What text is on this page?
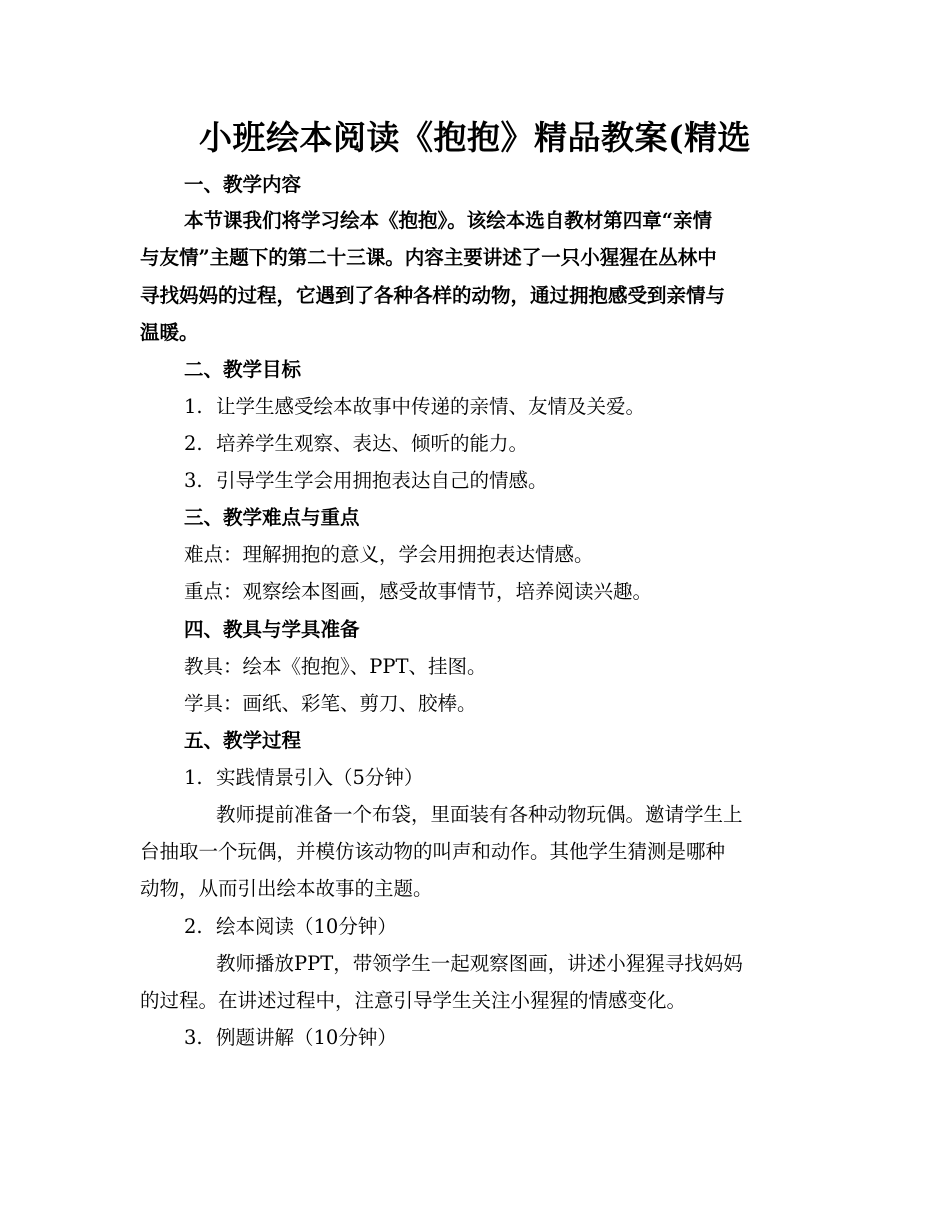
小班绘本阅读《抱抱》精品教案(精选
一、教学内容
本节课我们将学习绘本《抱抱》。该绘本选自教材第四章“亲情
与友情”主题下的第二十三课。内容主要讲述了一只小猩猩在丛林中
寻找妈妈的过程，它遇到了各种各样的动物，通过拥抱感受到亲情与
温暖。
二、教学目标
1. 让学生感受绘本故事中传递的亲情、友情及关爱。
2. 培养学生观察、表达、倾听的能力。
3. 引导学生学会用拥抱表达自己的情感。
三、教学难点与重点
难点：理解拥抱的意义，学会用拥抱表达情感。
重点：观察绘本图画，感受故事情节，培养阅读兴趣。
四、教具与学具准备
教具：绘本《抱抱》、PPT、挂图。
学具：画纸、彩笔、剪刀、胶棒。
五、教学过程
1. 实践情景引入（5分钟）
教师提前准备一个布袋，里面装有各种动物玩偶。邀请学生上
台抽取一个玩偶，并模仿该动物的叫声和动作。其他学生猜测是哪种
动物，从而引出绘本故事的主题。
2. 绘本阅读（10分钟）
教师播放PPT，带领学生一起观察图画，讲述小猩猩寻找妈妈
的过程。在讲述过程中，注意引导学生关注小猩猩的情感变化。
3. 例题讲解（10分钟）
